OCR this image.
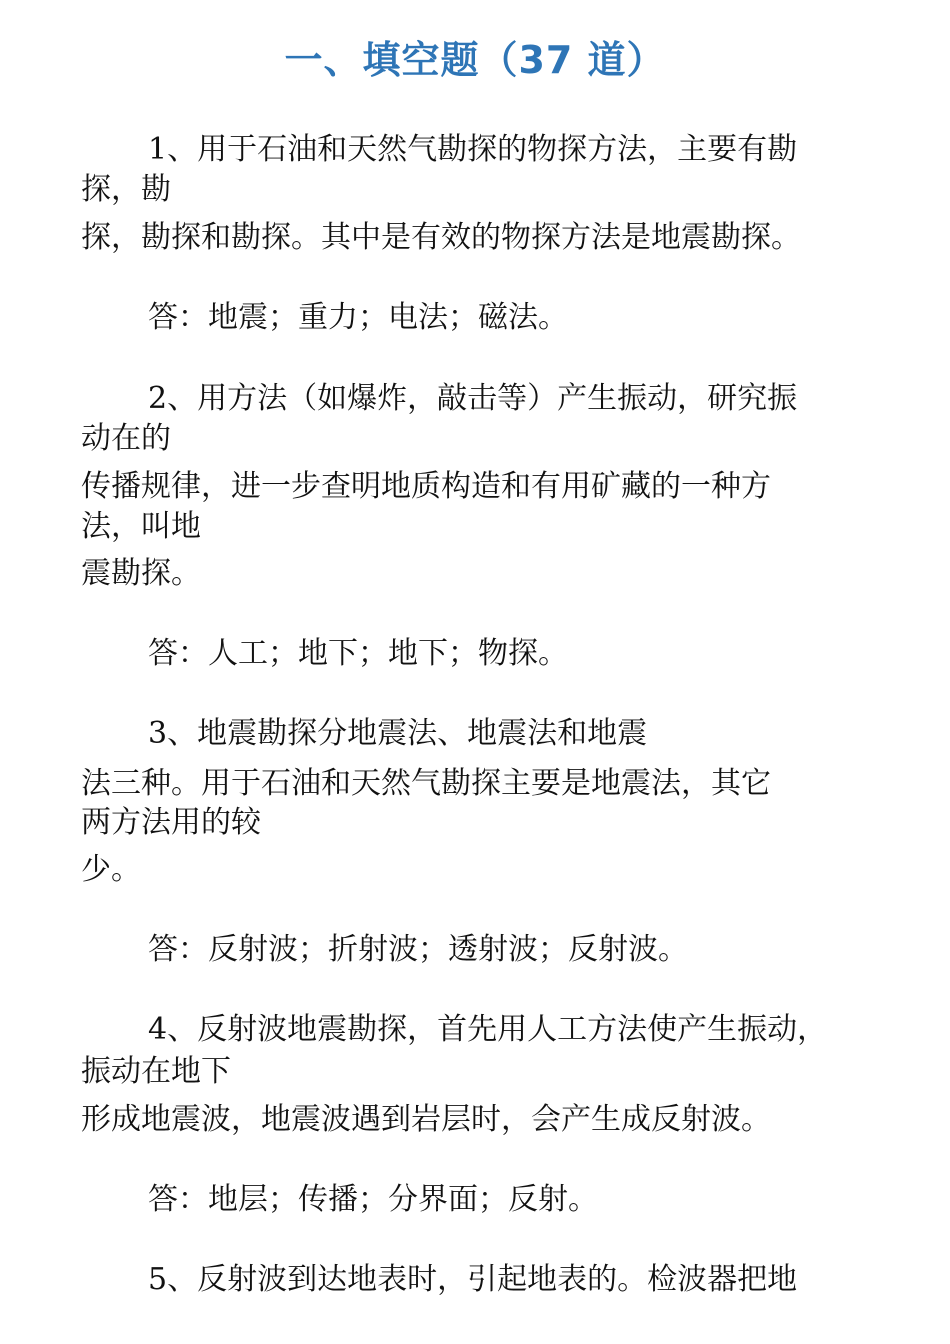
一、填空题（37 道）
1、用于石油和天然气勘探的物探方法，主要有勘
探，勘
探，勘探和勘探。其中是有效的物探方法是地震勘探。
答：地震；重力；电法；磁法。
2、用方法（如爆炸，敲击等）产生振动，研究振
动在的
传播规律，进一步查明地质构造和有用矿藏的一种方
法，叫地
震勘探。
答：人工；地下；地下；物探。
3、地震勘探分地震法、地震法和地震
法三种。用于石油和天然气勘探主要是地震法，其它
两方法用的较
少。
答：反射波；折射波；透射波；反射波。
4、反射波地震勘探，首先用人工方法使产生振动，
振动在地下
形成地震波，地震波遇到岩层时，会产生成反射波。
答：地层；传播；分界面；反射。
5、反射波到达地表时，引起地表的。检波器把地
